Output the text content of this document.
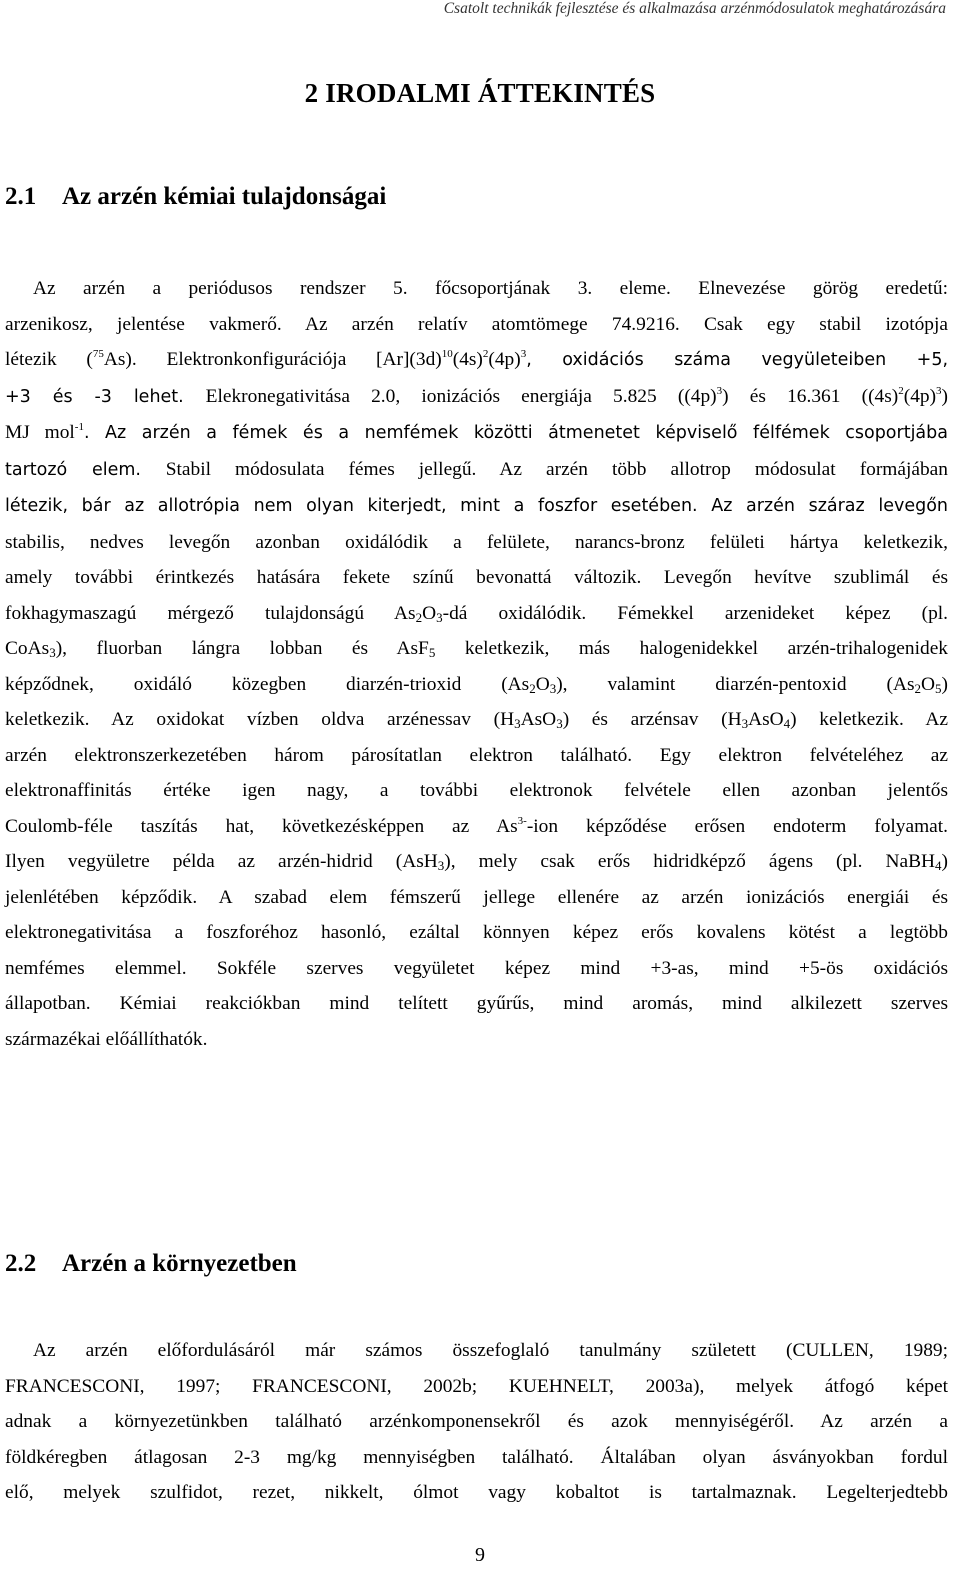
Csatolt technikák fejlesztése és alkalmazása arzénmódosulatok meghatározására
2 IRODALMI ÁTTEKINTÉS
2.1 Az arzén kémiai tulajdonságai
Az arzén a periódusos rendszer 5. főcsoportjának 3. eleme. Elnevezése görög eredetű:
arzenikosz, jelentése vakmerő. Az arzén relatív atomtömege 74.9216. Csak egy stabil izotópja
létezik ($^{75}$As). Elektronkonfigurációja $[Ar](3d)^{10}(4s)^2(4p)^3$, oxidációs száma vegyületeiben +5,
+3 és -3 lehet. Elekronegativitása 2.0, ionizációs energiája 5.825 $((4p)^3)$ és 16.361 $((4s)^2(4p)^3)$
MJ mol$^{-1}$. Az arzén a fémek és a nemfémek közötti átmenetet képviselő félfémek csoportjába
tartozó elem. Stabil módosulata fémes jellegű. Az arzén több allotrop módosulat formájában
létezik, bár az allotrópia nem olyan kiterjedt, mint a foszfor esetében. Az arzén száraz levegőn
stabilis, nedves levegőn azonban oxidálódik a felülete, narancs-bronz felületi hártya keletkezik,
amely további érintkezés hatására fekete színű bevonattá változik. Levegőn hevítve szublimál és
fokhagymaszagú mérgező tulajdonságú $As_2O_3-dá$ oxidálódik. Fémekkel arzenideket képez (pl.
CoAs$_3$), fluorban lángra lobban és AsF$_5$ keletkezik, más halogenidekkel arzén-trihalogenidek
képződnek, oxidáló közegben diarzén-trioxid $(As_2O_3)$, valamint diarzén-pentoxid $(As_2O_5)$
keletkezik. Az oxidokat vízben oldva arzénessav $(H_3AsO_3)$ és arzénsav $(H_3AsO_4)$ keletkezik. Az
arzén elektronszerkezetében három párosítatlan elektron található. Egy elektron felvételéhez az
elektronaffinitás értéke igen nagy, a további elektronok felvétele ellen azonban jelentős
Coulomb-féle taszítás hat, következésképpen az $As^{3-}$-ion képződése erősen endoterm folyamat.
Ilyen vegyületre példa az arzén-hidrid (AsH$_3$), mely csak erős hidridképző ágens (pl. NaBH$_4$)
jelenlétében képződik. A szabad elem fémszerű jellege ellenére az arzén ionizációs energiái és
elektronegativitása a foszforéhoz hasonló, ezáltal könnyen képez erős kovalens kötést a legtöbb
nemfémes elemmel. Sokféle szerves vegyületet képez mind +3-as, mind +5-ös oxidációs
állapotban. Kémiai reakciókban mind telített gyűrűs, mind aromás, mind alkilezett szerves
származékai előállíthatók.
2.2 Arzén a környezetben
Az arzén előfordulásáról már számos összefoglaló tanulmány született (CULLEN, 1989;
FRANCESCONI, 1997; FRANCESCONI, 2002b; KUEHNELT, 2003a), melyek átfogó képet
adnak a környezetünkben található arzénkomponensekről és azok mennyiségéről. Az arzén a
földkéregben átlagosan 2-3 mg/kg mennyiségben található. Általában olyan ásványokban fordul
elő, melyek szulfidot, rezet, nikkelt, ólmot vagy kobaltot is tartalmaznak. Legelterjedtebb
9
